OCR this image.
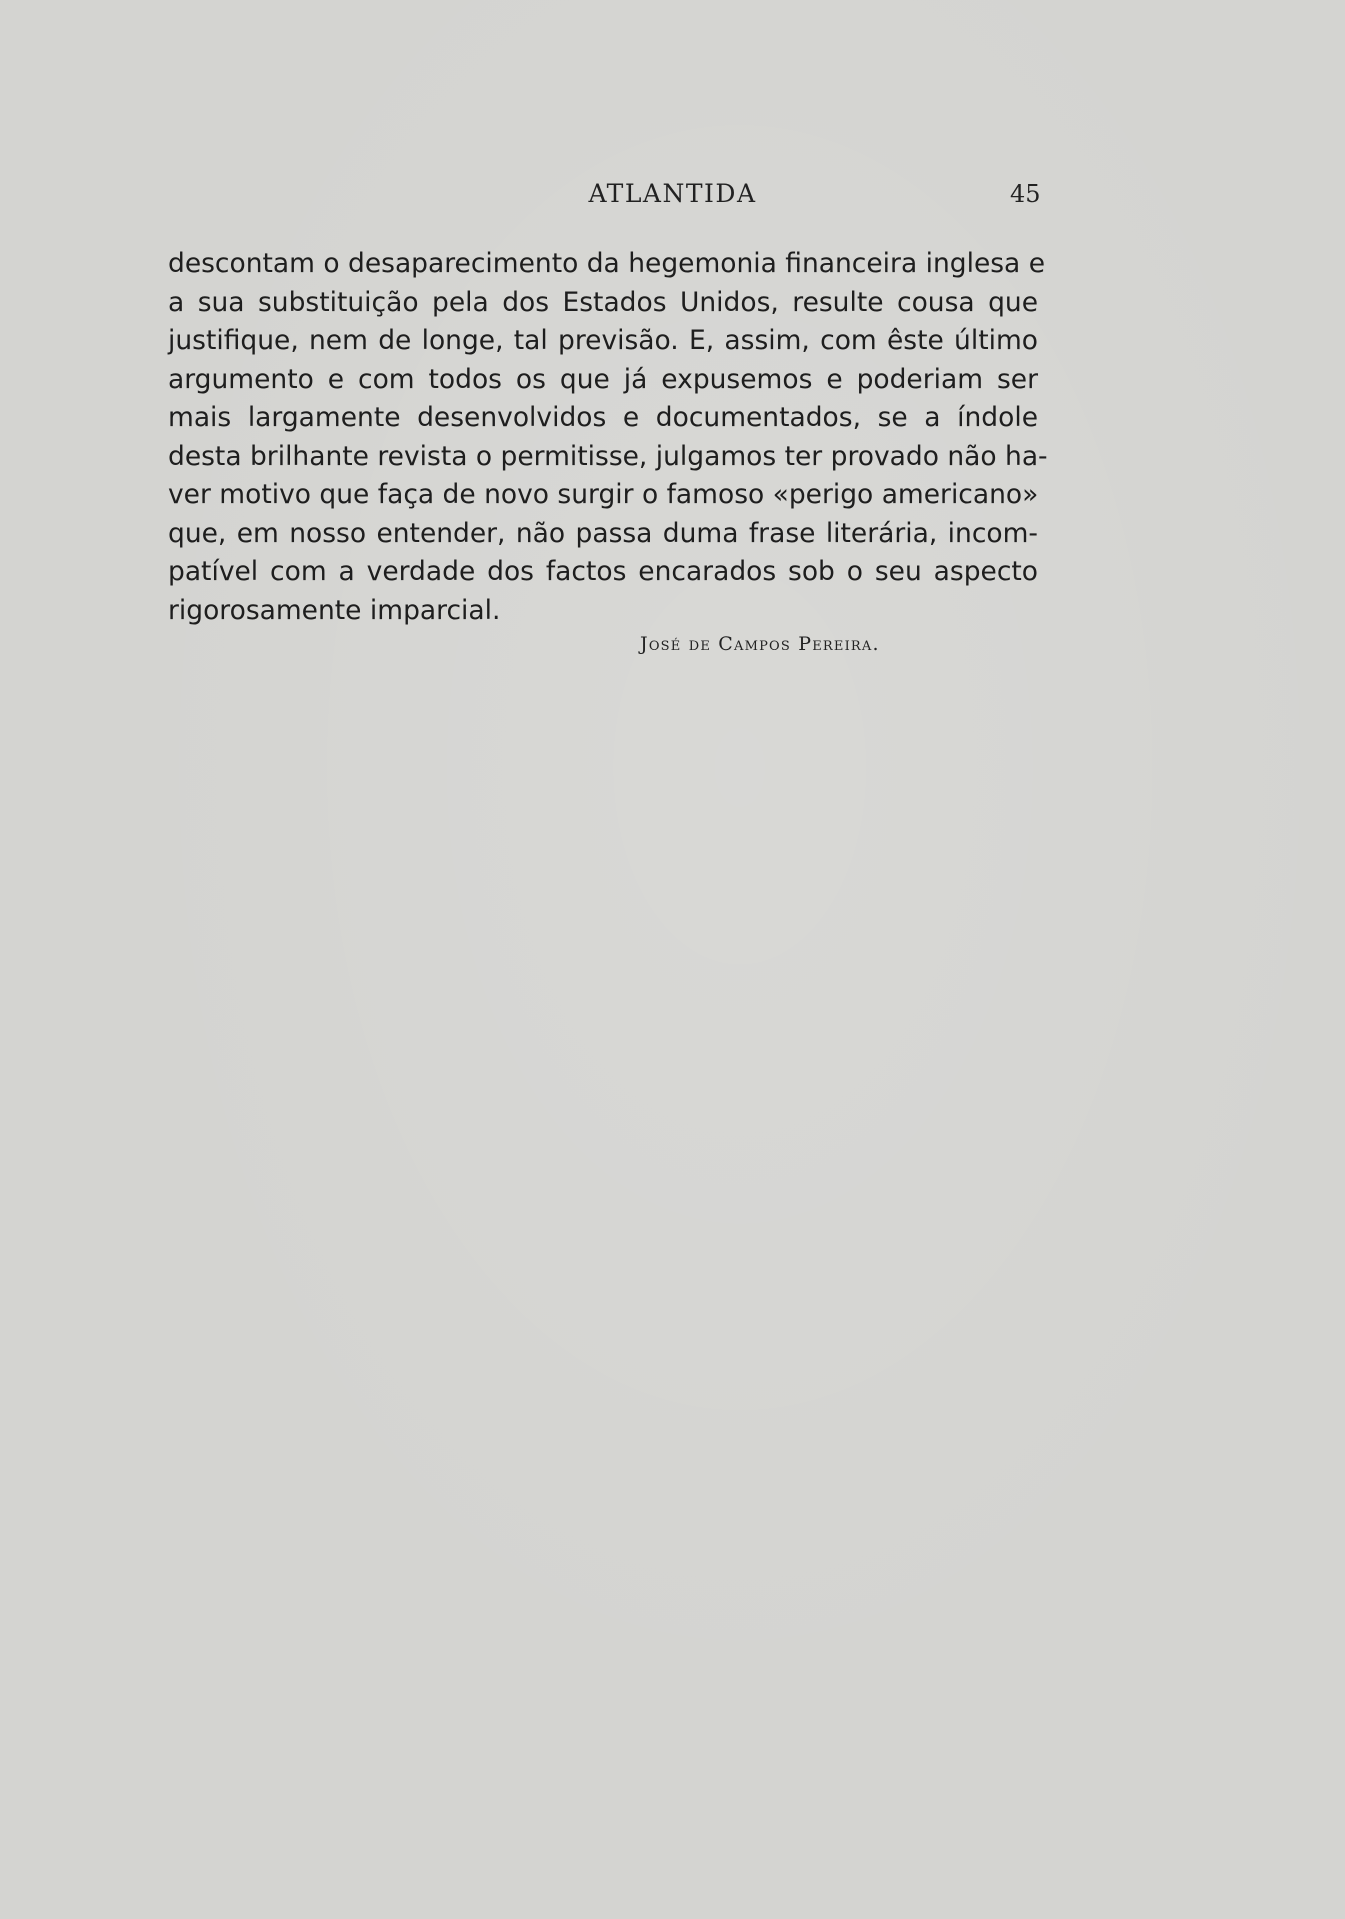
ATLANTIDA	45
descontam o desaparecimento da hegemonia financeira inglesa e
a sua substituição pela dos Estados Unidos, resulte cousa que
justifique, nem de longe, tal previsão. E, assim, com êste último
argumento e com todos os que já expusemos e poderiam ser
mais largamente desenvolvidos e documentados, se a índole
desta brilhante revista o permitisse, julgamos ter provado não ha-
ver motivo que faça de novo surgir o famoso «perigo americano»
que, em nosso entender, não passa duma frase literária, incom-
patível com a verdade dos factos encarados sob o seu aspecto
rigorosamente imparcial.
José de Campos Pereira.
